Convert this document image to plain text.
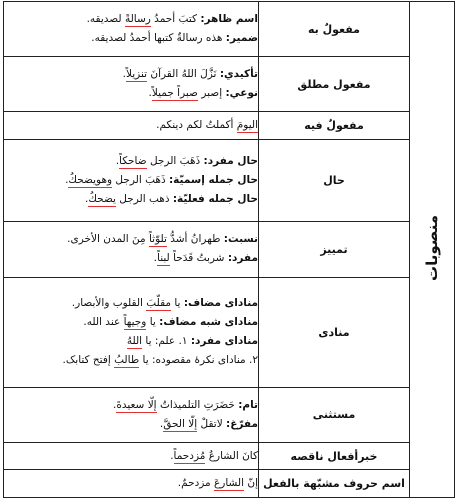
منصوبات	مفعولٌ به	اسم ظاهر: كتبَ أحمدُ رسالةً لصديقه.
ضمير: هذه رسالةٌ كتبها أحمدُ لصديقه.

	مفعول مطلق	تأكيدي: نَزَّلَ اللهُ القرآنَ تنزيلاً.
نوعي: إصبر صبراً جميلاً.

	مفعولٌ فيه	اليومَ أكملتُ لكم دينكم.

	حال	حال مفرد: ذَهَبَ الرجل ضاحكاً.
حال جمله إسميّة: ذَهَبَ الرجل وهويضحكُ.
حال جمله فعليّة: ذهب الرجل يضحكُ.

	تمييز	نسبت: طهرانُ أشدُّ تلوّثاً مِنَ المدن الأخرى.
مفرد: شربتُ قَدَحاً لبناً.

	منادی	منادای مضاف: يا مقلّبَ القلوب والأبصار.
منادای شبه مضاف: يا وجيهاً عند الله.
منادای مفرد: ۱. علم: يا اللهُ
۲. منادای نکرهٔ مقصوده: يا طالبُ إفتح كتابک.

	مستثنى	تام: حَضَرَتِ التلميذاتُ إلّا سعيدةَ.
مفرّغ: لاتقلْ إلّا الحقَّ.

	خبرأفعال ناقصه	كانَ الشارعُ مُزدحماً.

	اسم حروف مشبّهة بالفعل	إنّ الشارعَ مزدحمٌ.
